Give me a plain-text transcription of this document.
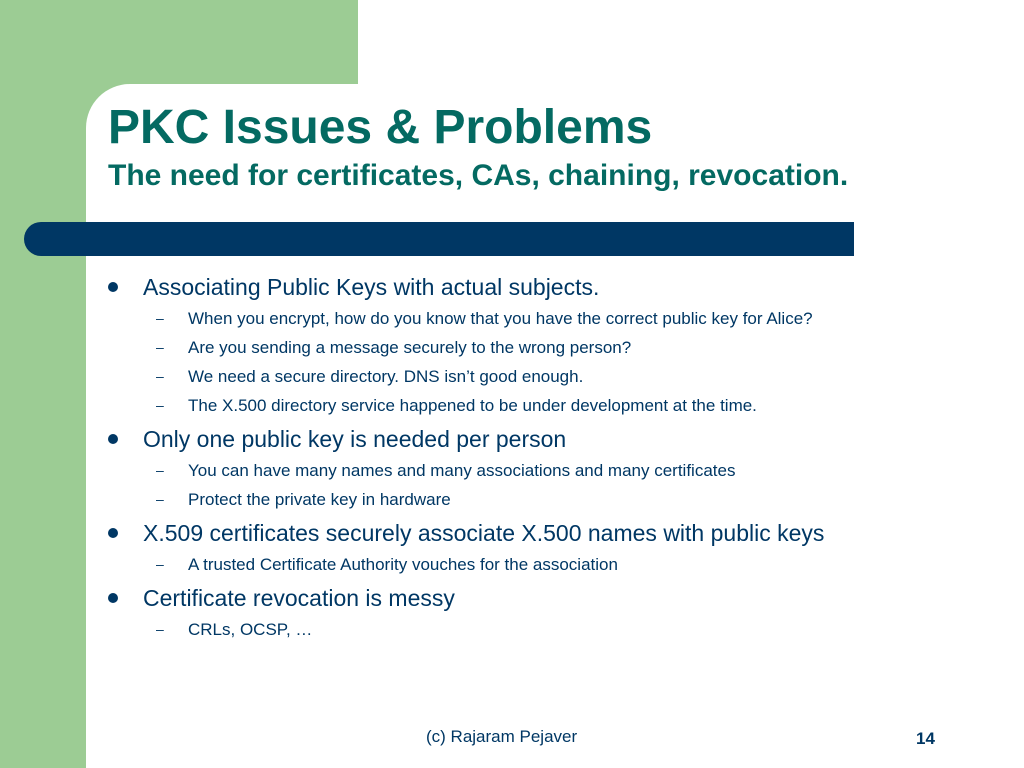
PKC Issues & Problems
The need for certificates, CAs, chaining, revocation.
Associating Public Keys with actual subjects.
– When you encrypt, how do you know that you have the correct public key for Alice?
– Are you sending a message securely to the wrong person?
– We need a secure directory. DNS isn’t good enough.
– The X.500 directory service happened to be under development at the time.
Only one public key is needed per person
– You can have many names and many associations and many certificates
– Protect the private key in hardware
X.509 certificates securely associate X.500 names with public keys
– A trusted Certificate Authority vouches for the association
Certificate revocation is messy
– CRLs, OCSP, …
(c) Rajaram Pejaver	14
